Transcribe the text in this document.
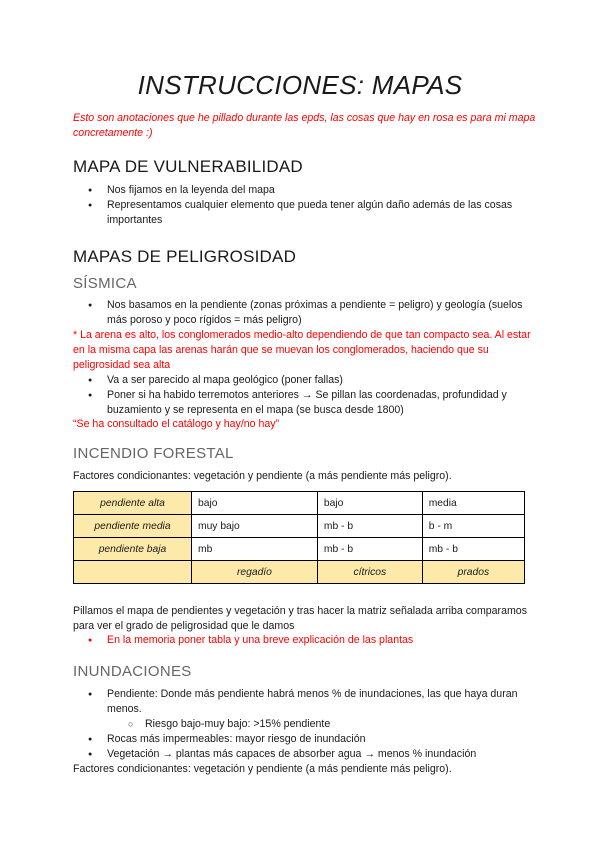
INSTRUCCIONES: MAPAS
Esto son anotaciones que he pillado durante las epds, las cosas que hay en rosa es para mi mapa concretamente :)
MAPA DE VULNERABILIDAD
● Nos fijamos en la leyenda del mapa
● Representamos cualquier elemento que pueda tener algún daño además de las cosas importantes
MAPAS DE PELIGROSIDAD
SÍSMICA
● Nos basamos en la pendiente (zonas próximas a pendiente = peligro) y geología (suelos más poroso y poco rígidos = más peligro)

* La arena es alto, los conglomerados medio-alto dependiendo de que tan compacto sea. Al estar en la misma capa las arenas harán que se muevan los conglomerados, haciendo que su peligrosidad sea alta

● Va a ser parecido al mapa geológico (poner fallas)
● Poner si ha habido terremotos anteriores → Se pillan las coordenadas, profundidad y buzamiento y se representa en el mapa (se busca desde 1800)

“Se ha consultado el catálogo y hay/no hay”

INCENDIO FORESTAL

Factores condicionantes: vegetación y pendiente (a más pendiente más peligro).

pendiente alta	bajo	bajo	media
pendiente media	muy bajo	mb - b	b - m
pendiente baja	mb	mb - b	mb - b
	regadío	cítricos	prados

Pillamos el mapa de pendientes y vegetación y tras hacer la matriz señalada arriba comparamos para ver el grado de peligrosidad que le damos

● En la memoria poner tabla y una breve explicación de las plantas
INUNDACIONES
● Pendiente: Donde más pendiente habrá menos % de inundaciones, las que haya duran menos.
○ Riesgo bajo-muy bajo: >15% pendiente
● Rocas más impermeables: mayor riesgo de inundación
● Vegetación → plantas más capaces de absorber agua → menos % inundación

Factores condicionantes: vegetación y pendiente (a más pendiente más peligro).
